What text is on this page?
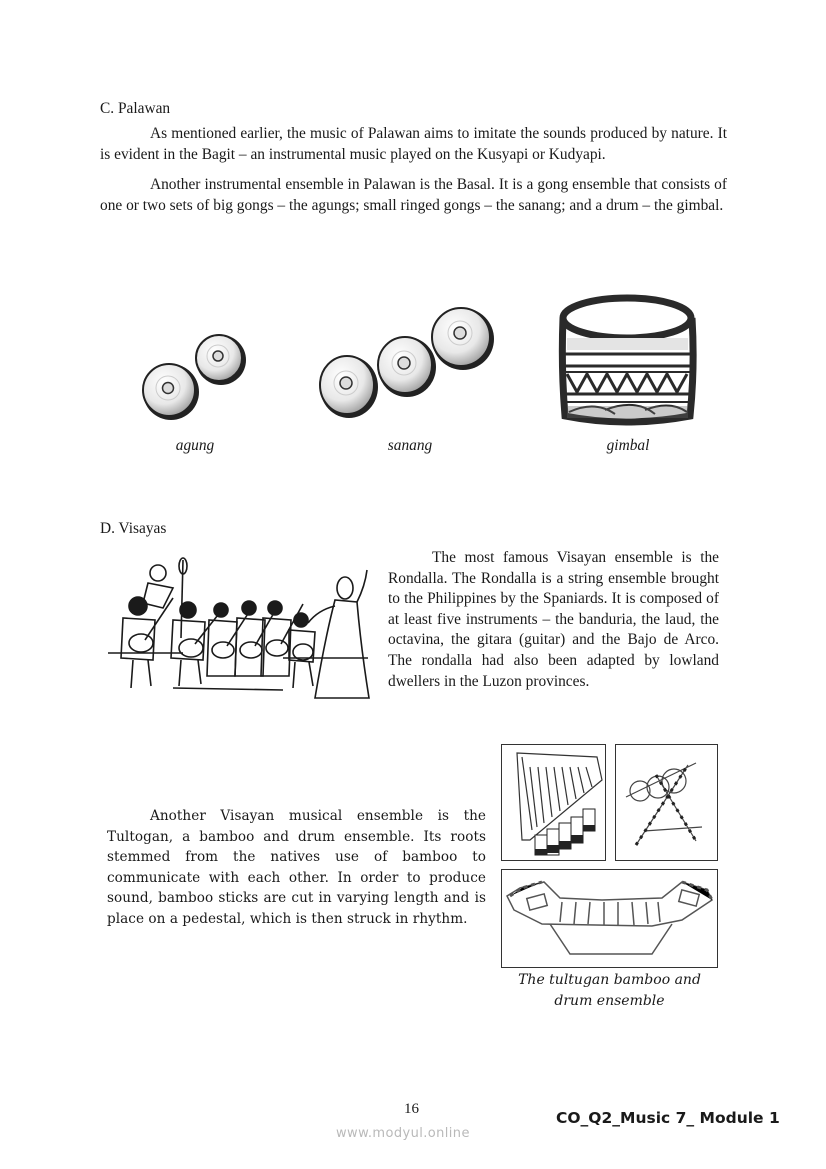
C. Palawan

As mentioned earlier, the music of Palawan aims to imitate the sounds produced by nature. It is evident in the Bagit – an instrumental music played on the Kusyapi or Kudyapi.

Another instrumental ensemble in Palawan is the Basal. It is a gong ensemble that consists of one or two sets of big gongs – the agungs; small ringed gongs – the sanang; and a drum – the gimbal.

agung	sanang	gimbal
D. Visayas

The most famous Visayan ensemble is the Rondalla. The Rondalla is a string ensemble brought to the Philippines by the Spaniards. It is composed of at least five instruments – the banduria, the laud, the octavina, the gitara (guitar) and the Bajo de Arco. The rondalla had also been adapted by lowland dwellers in the Luzon provinces.

Another Visayan musical ensemble is the Tultogan, a bamboo and drum ensemble. Its roots stemmed from the natives use of bamboo to communicate with each other. In order to produce sound, bamboo sticks are cut in varying length and is place on a pedestal, which is then struck in rhythm.

The tultugan bamboo and
drum ensemble
16	CO_Q2_Music 7_ Module 1
www.modyul.online
